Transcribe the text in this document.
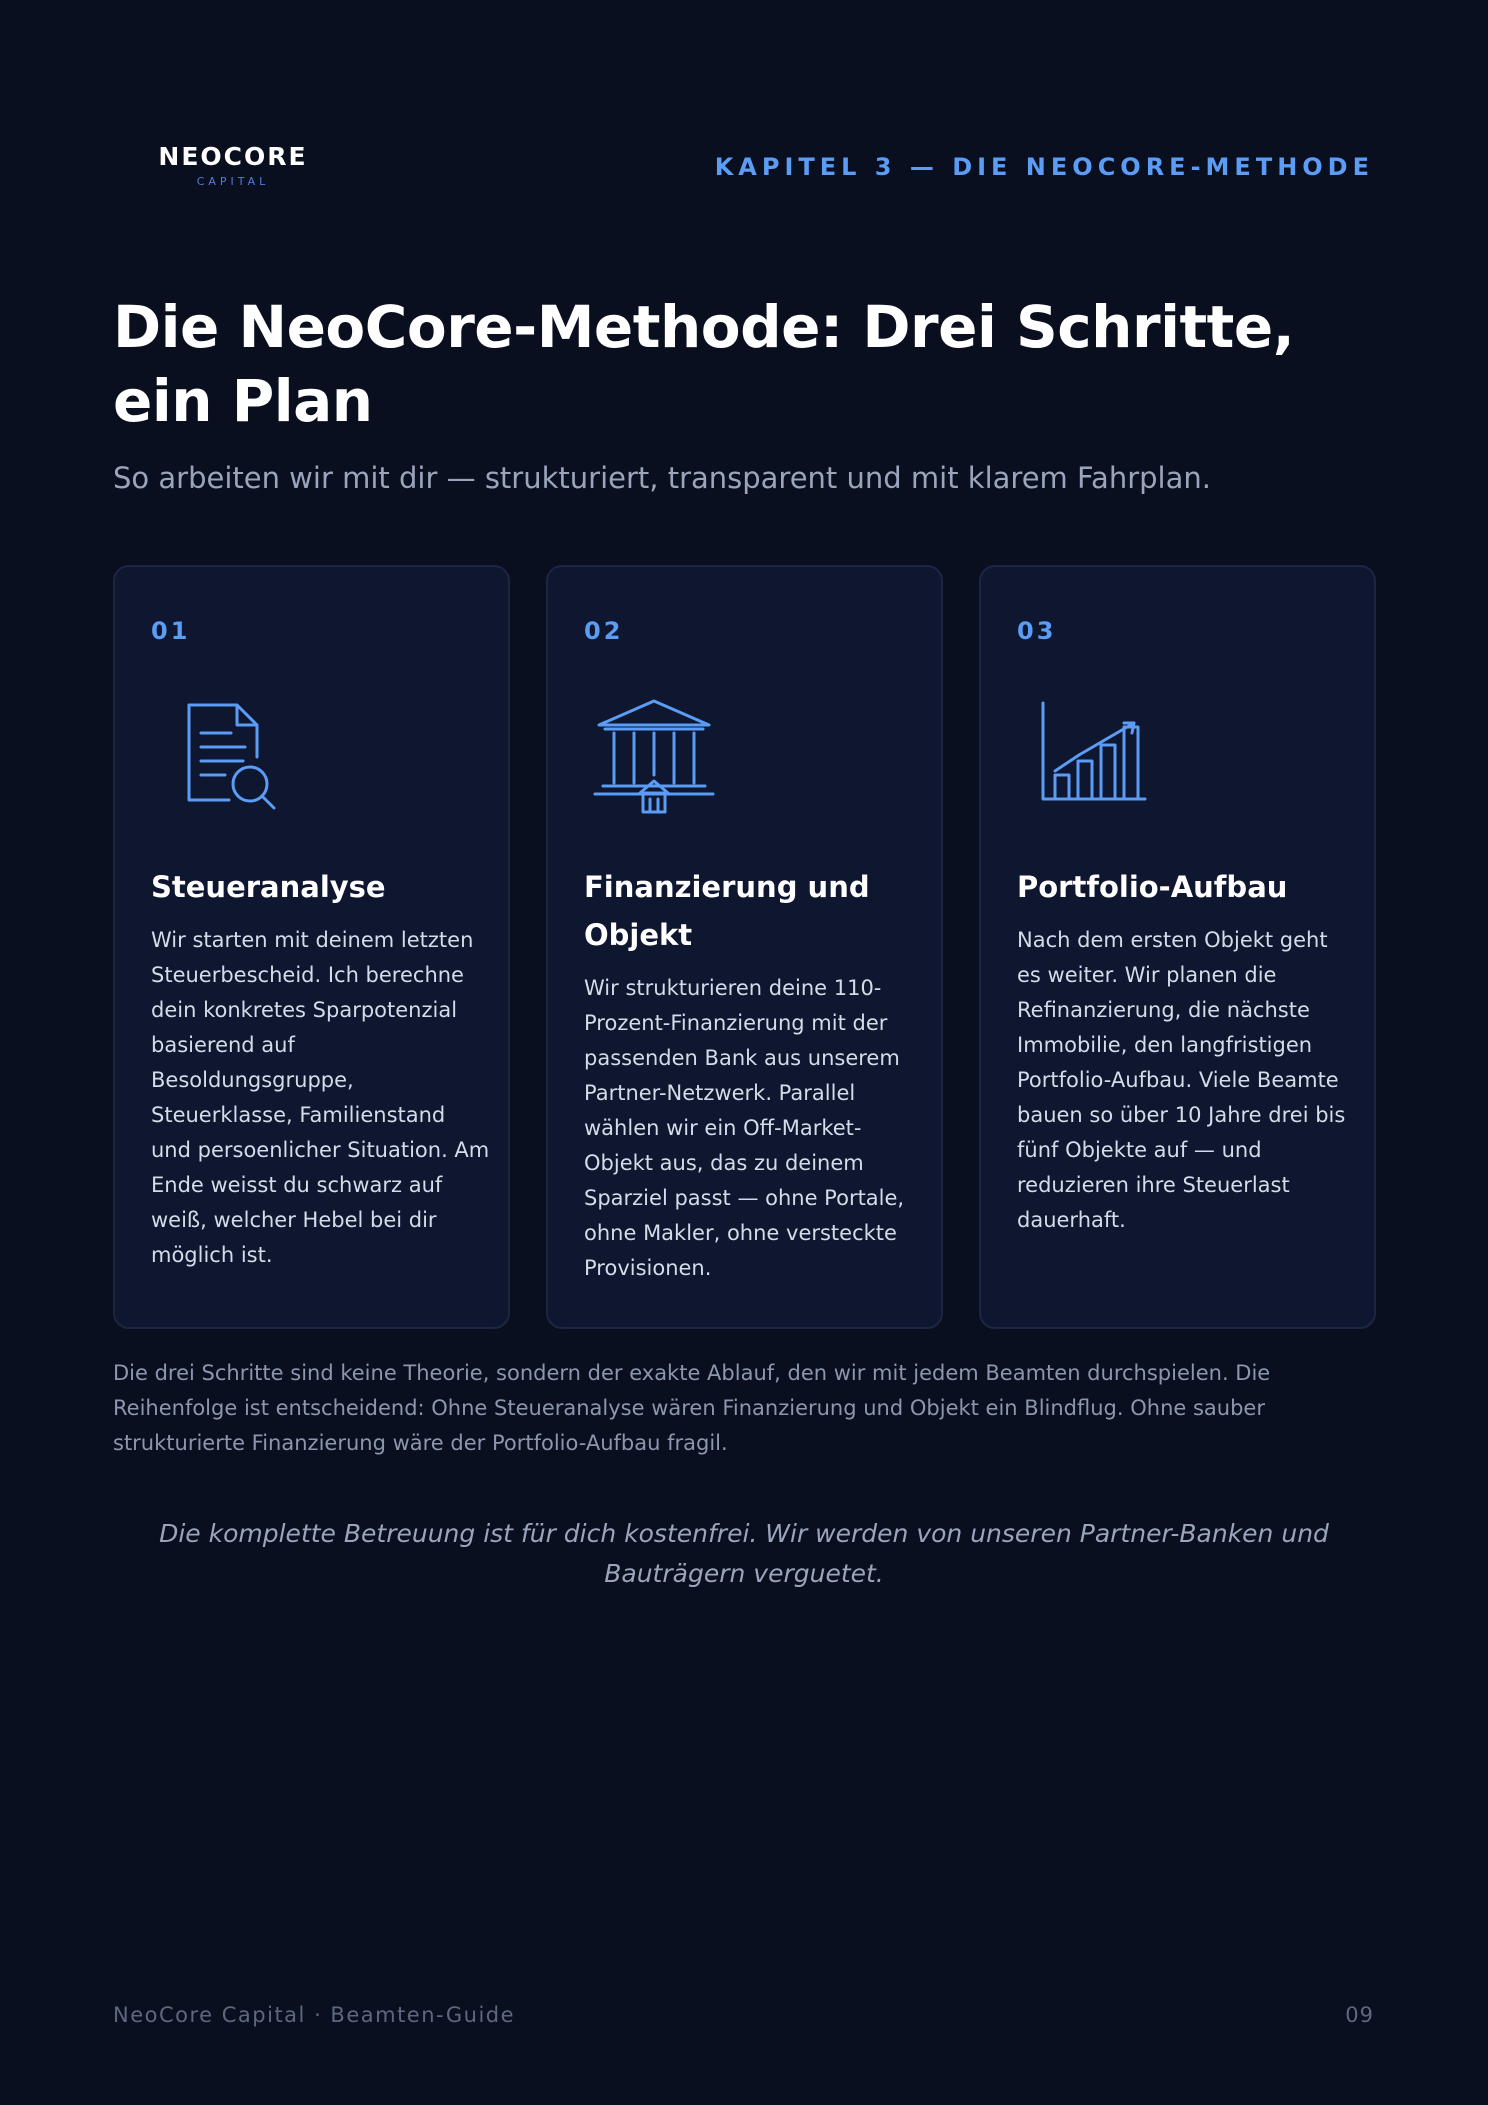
NEOCORE
CAPITAL
KAPITEL 3 — DIE NEOCORE-METHODE
Die NeoCore-Methode: Drei Schritte, ein Plan

So arbeiten wir mit dir — strukturiert, transparent und mit klarem Fahrplan.

01
Steueranalyse
Wir starten mit deinem letzten Steuerbescheid. Ich berechne dein konkretes Sparpotenzial basierend auf Besoldungsgruppe, Steuerklasse, Familienstand und persoenlicher Situation. Am Ende weisst du schwarz auf weiß, welcher Hebel bei dir möglich ist.
02
Finanzierung und Objekt
Wir strukturieren deine 110-Prozent-Finanzierung mit der passenden Bank aus unserem Partner-Netzwerk. Parallel wählen wir ein Off-Market-Objekt aus, das zu deinem Sparziel passt — ohne Portale, ohne Makler, ohne versteckte Provisionen.
03
Portfolio-Aufbau
Nach dem ersten Objekt geht es weiter. Wir planen die Refinanzierung, die nächste Immobilie, den langfristigen Portfolio-Aufbau. Viele Beamte bauen so über 10 Jahre drei bis fünf Objekte auf — und reduzieren ihre Steuerlast dauerhaft.

Die drei Schritte sind keine Theorie, sondern der exakte Ablauf, den wir mit jedem Beamten durchspielen. Die Reihenfolge ist entscheidend: Ohne Steueranalyse wären Finanzierung und Objekt ein Blindflug. Ohne sauber strukturierte Finanzierung wäre der Portfolio-Aufbau fragil.

Die komplette Betreuung ist für dich kostenfrei. Wir werden von unseren Partner-Banken und Bauträgern verguetet.

NeoCore Capital · Beamten-Guide	09
